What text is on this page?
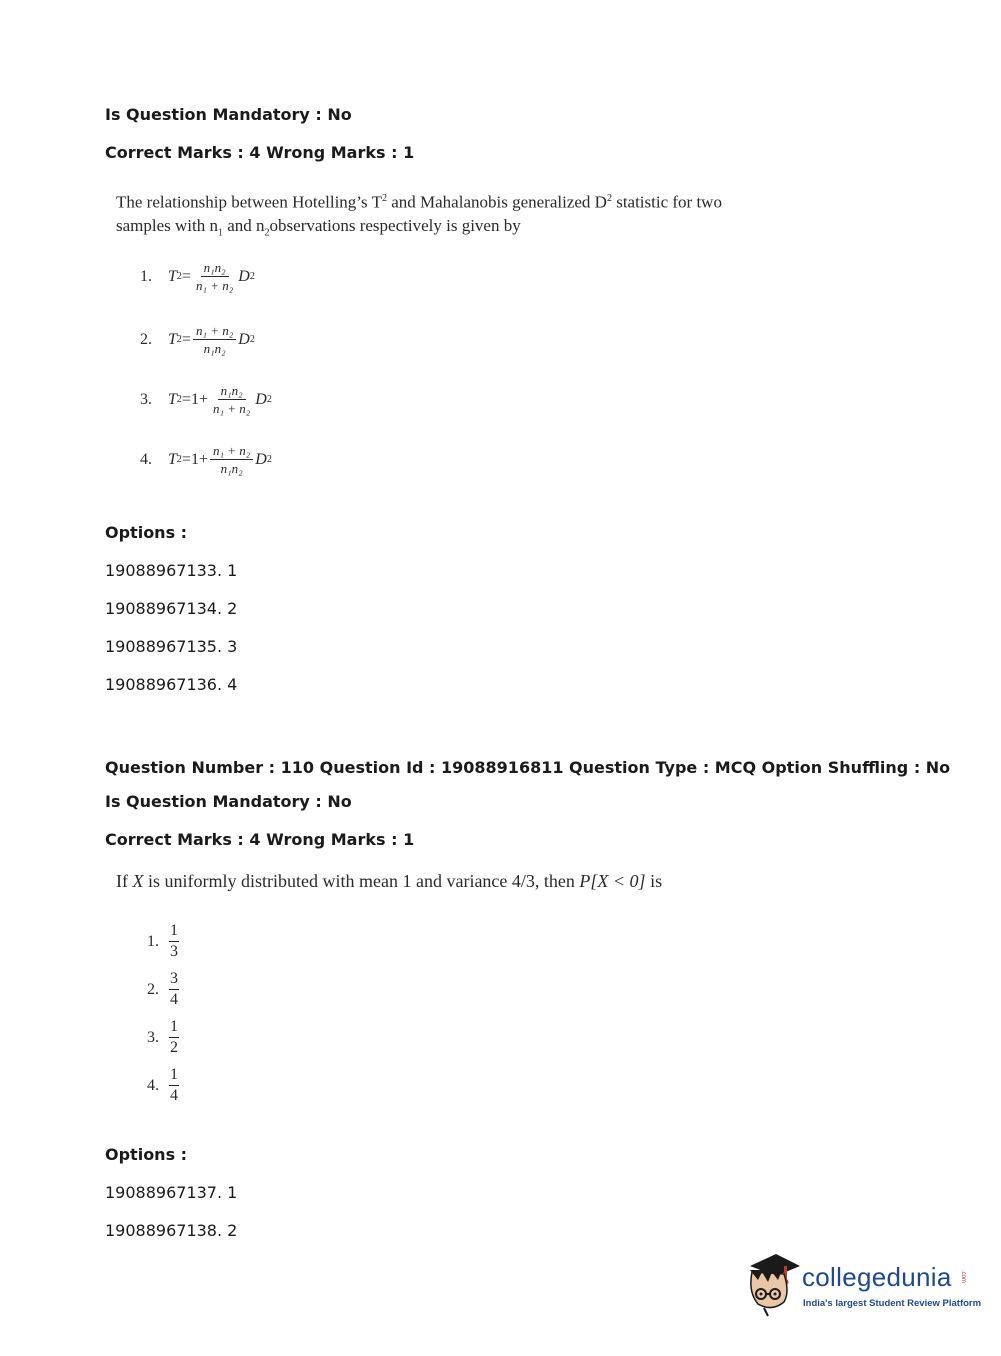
Is Question Mandatory : No
Correct Marks : 4 Wrong Marks : 1
The relationship between Hotelling’s $T^2$ and Mahalanobis generalized $D^2$ statistic for two
samples with $n_1$ and $n_2observations$ respectively is given by
1.	T $2 = \frac{\text{n₁n₂}}{\text{n₁ + n₂}}$ D 2
2.	T $2 = \frac{\text{n₁ + n₂}}{\text{n₁n₂}}$ D 2
3.	T $2 = 1+ \frac{\text{n₁n₂}}{\text{n₁ + n₂}}$ D 2
4.	T $2 = 1+ \frac{\text{n₁ + n₂}}{\text{n₁n₂}}$ D 2
Options :
19088967133. 1
19088967134. 2
19088967135. 3
19088967136. 4
Question Number : 110 Question Id : 19088916811 Question Type : MCQ Option Shuffling : No
Is Question Mandatory : No
Correct Marks : 4 Wrong Marks : 1
If X is uniformly distributed with mean 1 and variance 4/3, then P[X < 0] is
1.
1
3
2.
3
4
3.
1
2
4.
1
4
Options :
19088967137. 1
19088967138. 2
collegedunia .com
India's largest Student Review Platform
